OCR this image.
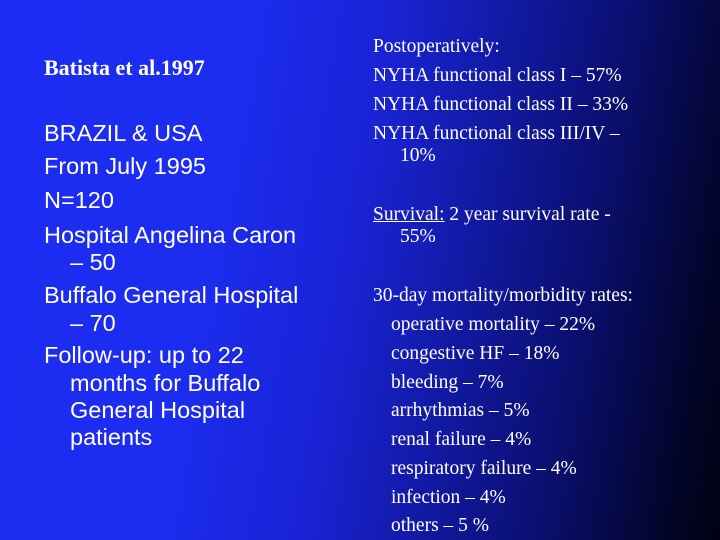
Batista et al.1997
BRAZIL & USA
From July 1995
N=120
Hospital Angelina Caron
– 50
Buffalo General Hospital
– 70
Follow-up: up to 22
months for Buffalo
General Hospital
patients
Postoperatively:
NYHA functional class I – 57%
NYHA functional class II – 33%
NYHA functional class III/IV –
10%
Survival: 2 year survival rate -
55%
30-day mortality/morbidity rates:
operative mortality – 22%
congestive HF – 18%
bleeding – 7%
arrhythmias – 5%
renal failure – 4%
respiratory failure – 4%
infection – 4%
others – 5 %
